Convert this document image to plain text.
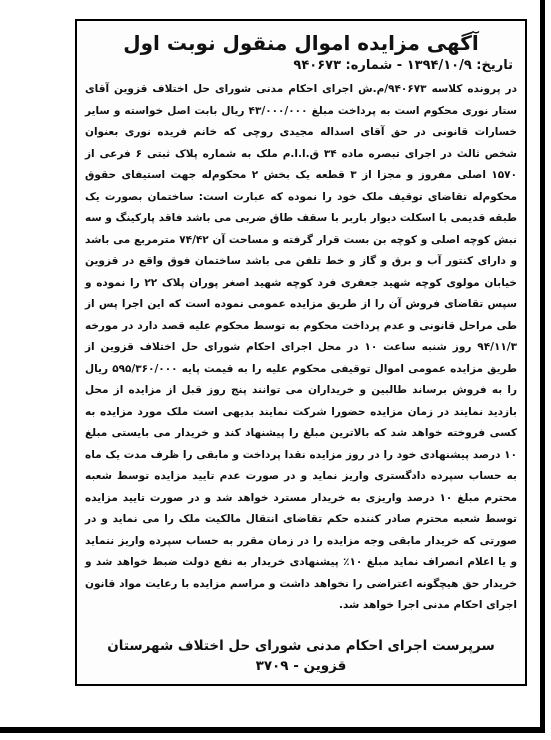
آگهی مزایده اموال منقول نوبت اول
تاریخ: ۱۳۹۴/۱۰/۹ - شماره: ۹۴۰۶۷۳

در پرونده کلاسه ۹۴۰۶۷۳/م.ش اجرای احکام مدنی شورای حل اختلاف قزوین آقای ستار نوری محکوم است به پرداخت مبلغ ۴۳/۰۰۰/۰۰۰ ریال بابت اصل خواسته و سایر خسارات قانونی در حق آقای اسداله مجیدی روچی که خانم فریده نوری بعنوان شخص ثالث در اجرای تبصره ماده ۳۴ ق.ا.ا.م ملک به شماره پلاک ثبتی ۶ فرعی از ۱۵۷۰ اصلی مفروز و مجزا از ۳ قطعه یک بخش ۲ محکوم‌له جهت استیفای حقوق محکوم‌له تقاضای توقیف ملک خود را نموده که عبارت است: ساختمان بصورت یک طبقه قدیمی با اسکلت دیوار باربر با سقف طاق ضربی می باشد فاقد پارکینگ و سه نبش کوچه اصلی و کوچه بن بست قرار گرفته و مساحت آن ۷۴/۴۲ مترمربع می باشد و دارای کنتور آب و برق و گاز و خط تلفن می باشد ساختمان فوق واقع در قزوین خیابان مولوی کوچه شهید جعفری فرد کوچه شهید اصغر پوران پلاک ۲۲ را نموده و سپس تقاضای فروش آن را از طریق مزایده عمومی نموده است که این اجرا پس از طی مراحل قانونی و عدم پرداخت محکوم به توسط محکوم علیه قصد دارد در مورخه ۹۴/۱۱/۳ روز شنبه ساعت ۱۰ در محل اجرای احکام شورای حل اختلاف قزوین از طریق مزایده عمومی اموال توقیفی محکوم علیه را به قیمت پایه ۵۹۵/۳۶۰/۰۰۰ ریال را به فروش برساند طالبین و خریداران می توانند پنج روز قبل از مزایده از محل بازدید نمایند در زمان مزایده حضورا شرکت نمایند بدیهی است ملک مورد مزایده به کسی فروخته خواهد شد که بالاترین مبلغ را پیشنهاد کند و خریدار می بایستی مبلغ ۱۰ درصد پیشنهادی خود را در روز مزایده نقدا پرداخت و مابقی را ظرف مدت یک ماه به حساب سپرده دادگستری واریز نماید و در صورت عدم تایید مزایده توسط شعبه محترم مبلغ ۱۰ درصد واریزی به خریدار مسترد خواهد شد و در صورت تایید مزایده توسط شعبه محترم صادر کننده حکم تقاضای انتقال مالکیت ملک را می نماید و در صورتی که خریدار مابقی وجه مزایده را در زمان مقرر به حساب سپرده واریز ننماید و یا اعلام انصراف نماید مبلغ ۱۰٪ پیشنهادی خریدار به نفع دولت ضبط خواهد شد و خریدار حق هیچگونه اعتراضی را نخواهد داشت و مراسم مزایده با رعایت مواد قانون اجرای احکام مدنی اجرا خواهد شد.

سرپرست اجرای احکام مدنی شورای حل اختلاف شهرستان قزوین - ۳۷۰۹
